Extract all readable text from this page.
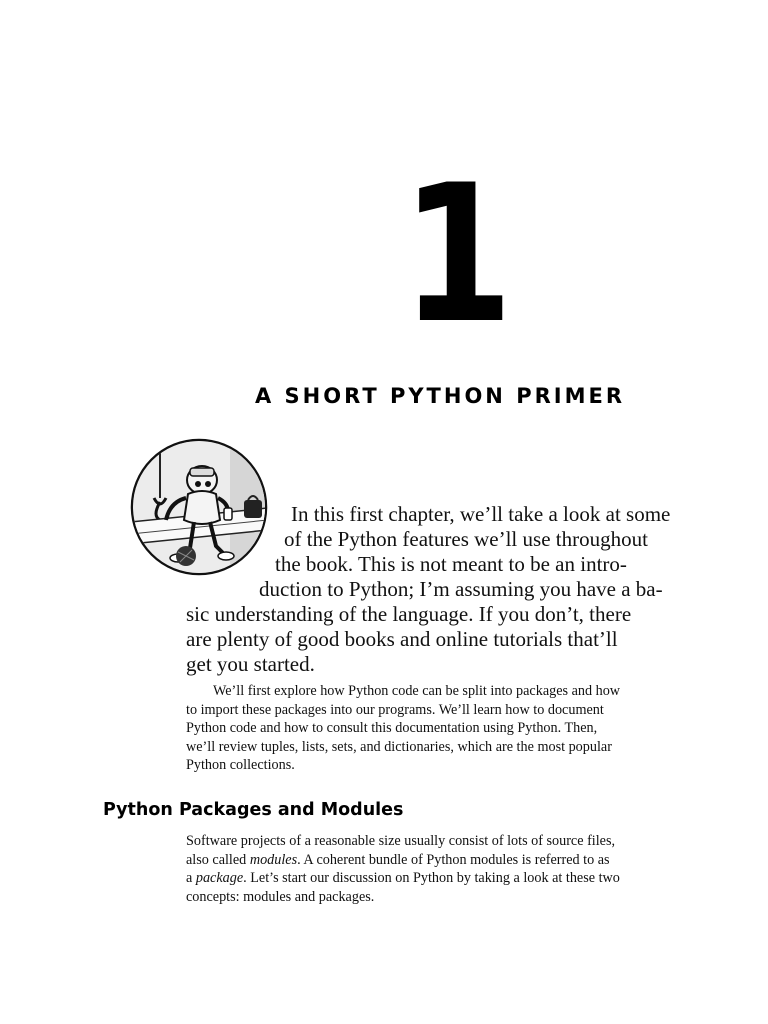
1
A SHORT PYTHON PRIMER
In this first chapter, we’ll take a look at some
of the Python features we’ll use throughout
the book. This is not meant to be an intro-
duction to Python; I’m assuming you have a ba-
sic understanding of the language. If you don’t, there
are plenty of good books and online tutorials that’ll
get you started.
We’ll first explore how Python code can be split into packages and how
to import these packages into our programs. We’ll learn how to document
Python code and how to consult this documentation using Python. Then,
we’ll review tuples, lists, sets, and dictionaries, which are the most popular
Python collections.
Python Packages and Modules
Software projects of a reasonable size usually consist of lots of source files,
also called modules. A coherent bundle of Python modules is referred to as
a package. Let’s start our discussion on Python by taking a look at these two
concepts: modules and packages.
